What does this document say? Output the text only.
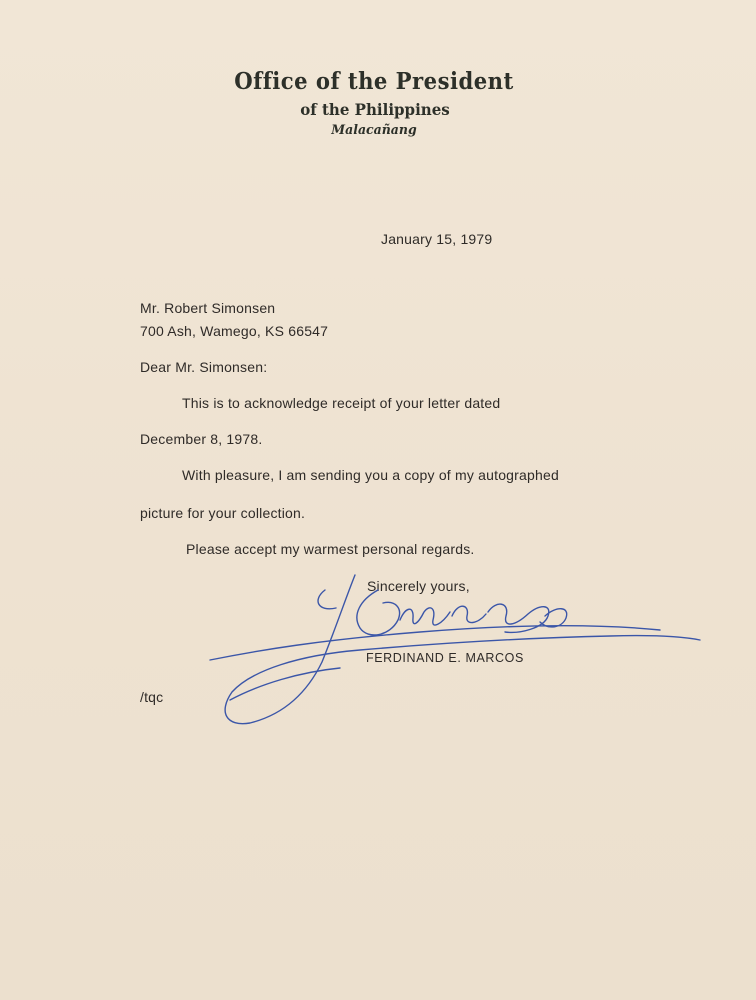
Office of the President
of the Philippines
Malacañang
January 15, 1979
Mr. Robert Simonsen
700 Ash, Wamego, KS 66547
Dear Mr. Simonsen:
This is to acknowledge receipt of your letter dated
December 8, 1978.
With pleasure, I am sending you a copy of my autographed
picture for your collection.
Please accept my warmest personal regards.
Sincerely yours,
FERDINAND E. MARCOS
/tqc
